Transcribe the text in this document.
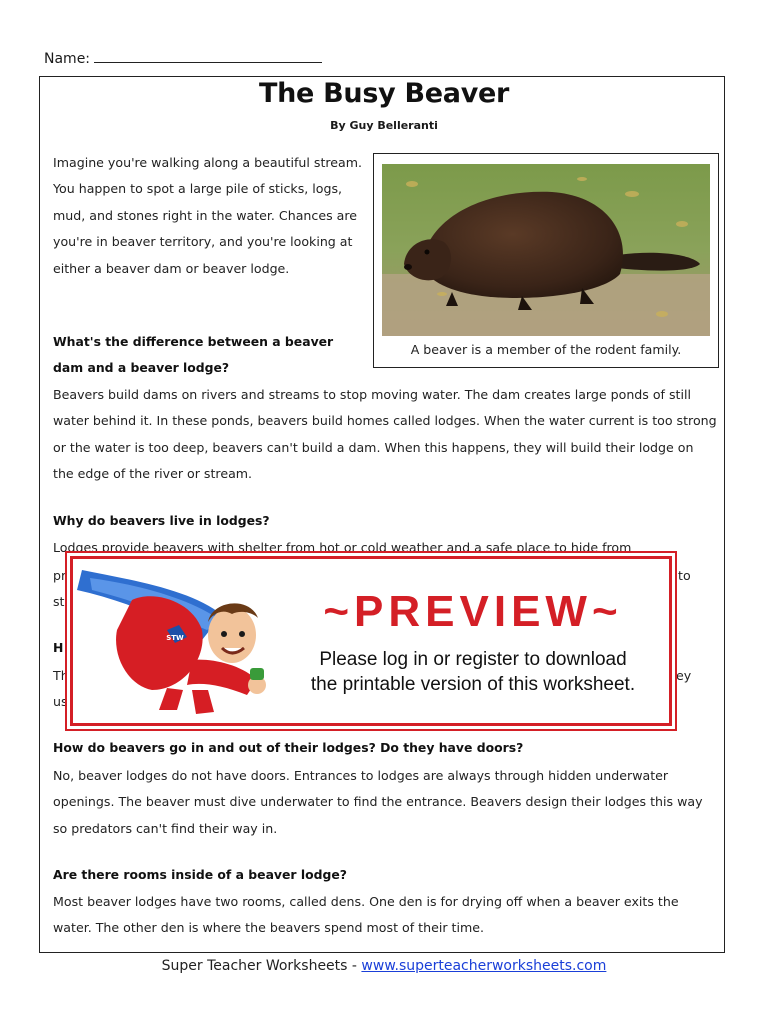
Name:
The Busy Beaver
By Guy Belleranti

Imagine you're walking along a beautiful stream. You happen to spot a large pile of sticks, logs, mud, and stones right in the water. Chances are you're in beaver territory, and you're looking at either a beaver dam or beaver lodge.

A beaver is a member of the rodent family.

What's the difference between a beaver dam and a beaver lodge?

Beavers build dams on rivers and streams to stop moving water. The dam creates large ponds of still water behind it. In these ponds, beavers build homes called lodges. When the water current is too strong or the water is too deep, beavers can't build a dam. When this happens, they will build their lodge on the edge of the river or stream.

Why do beavers live in lodges?

Lodges provide beavers with shelter from hot or cold weather and a safe place to hide from

pr	to

st

H

Th	ey

us

How do beavers go in and out of their lodges? Do they have doors?

No, beaver lodges do not have doors. Entrances to lodges are always through hidden underwater openings. The beaver must dive underwater to find the entrance. Beavers design their lodges this way so predators can't find their way in.

Are there rooms inside of a beaver lodge?

Most beaver lodges have two rooms, called dens. One den is for drying off when a beaver exits the water. The other den is where the beavers spend most of their time.

~PREVIEW~
Please log in or register to download
the printable version of this worksheet.
STW
Super Teacher Worksheets - www.superteacherworksheets.com
